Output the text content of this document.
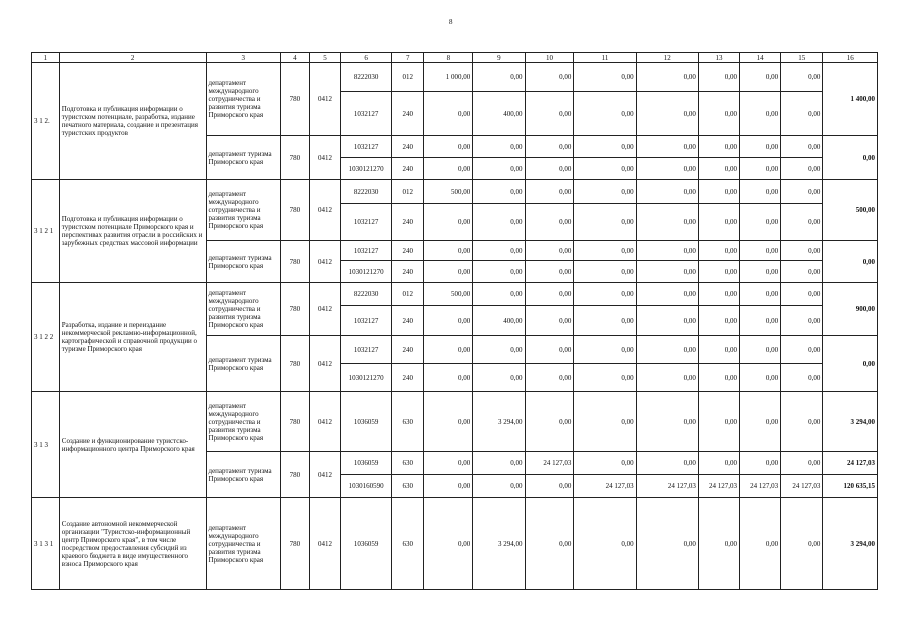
8
1	2	3	4	5	6	7	8	9	10	11	12	13	14	15	16
3 1 2.	Подготовка и публикация информации о туристском потенциале, разработка, издание печатного материала, создание и презентация туристских продуктов	департамент международного сотрудничества и развития туризма Приморского края	780	0412	8222030	012	1 000,00	0,00	0,00	0,00	0,00	0,00	0,00	0,00	1 400,00
					1032127	240	0,00	400,00	0,00	0,00	0,00	0,00	0,00	0,00	
		департамент туризма Приморского края	780	0412	1032127	240	0,00	0,00	0,00	0,00	0,00	0,00	0,00	0,00	0,00
					1030121270	240	0,00	0,00	0,00	0,00	0,00	0,00	0,00	0,00	
3 1 2 1	Подготовка и публикация информации о туристском потенциале Приморского края и перспективах развития отрасли в российских и зарубежных средствах массовой информации	департамент международного сотрудничества и развития туризма Приморского края	780	0412	8222030	012	500,00	0,00	0,00	0,00	0,00	0,00	0,00	0,00	500,00
					1032127	240	0,00	0,00	0,00	0,00	0,00	0,00	0,00	0,00	
		департамент туризма Приморского края	780	0412	1032127	240	0,00	0,00	0,00	0,00	0,00	0,00	0,00	0,00	0,00
					1030121270	240	0,00	0,00	0,00	0,00	0,00	0,00	0,00	0,00	
3 1 2 2	Разработка, издание и переиздание некоммерческой рекламно-информационной, картографической и справочной продукции о туризме Приморского края	департамент международного сотрудничества и развития туризма Приморского края	780	0412	8222030	012	500,00	0,00	0,00	0,00	0,00	0,00	0,00	0,00	900,00
					1032127	240	0,00	400,00	0,00	0,00	0,00	0,00	0,00	0,00	
		департамент туризма Приморского края	780	0412	1032127	240	0,00	0,00	0,00	0,00	0,00	0,00	0,00	0,00	0,00
					1030121270	240	0,00	0,00	0,00	0,00	0,00	0,00	0,00	0,00	
3 1 3	Создание и функционирование туристско-информационного центра Приморского края	департамент международного сотрудничества и развития туризма Приморского края	780	0412	1036059	630	0,00	3 294,00	0,00	0,00	0,00	0,00	0,00	0,00	3 294,00
		департамент туризма Приморского края	780	0412	1036059	630	0,00	0,00	24 127,03	0,00	0,00	0,00	0,00	0,00	24 127,03
					1030160590	630	0,00	0,00	0,00	24 127,03	24 127,03	24 127,03	24 127,03	24 127,03	120 635,15
3 1 3 1	Создание автономной некоммерческой организации "Туристско-информационный центр Приморского края", в том числе посредством предоставления субсидий из краевого бюджета в виде имущественного взноса Приморского края	департамент международного сотрудничества и развития туризма Приморского края	780	0412	1036059	630	0,00	3 294,00	0,00	0,00	0,00	0,00	0,00	0,00	3 294,00
